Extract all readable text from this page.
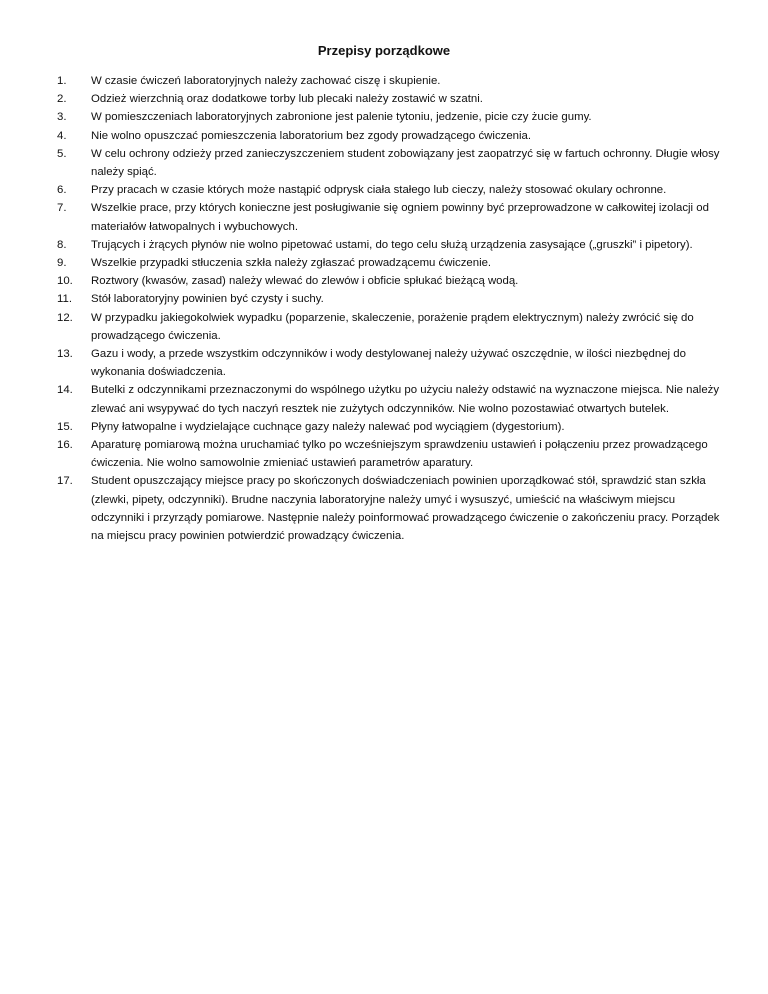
Przepisy porządkowe
1.	W czasie ćwiczeń laboratoryjnych należy zachować ciszę i skupienie.
2.	Odzież wierzchnią oraz dodatkowe torby lub plecaki należy zostawić w szatni.
3.	W pomieszczeniach laboratoryjnych zabronione jest palenie tytoniu, jedzenie, picie czy żucie gumy.
4.	Nie wolno opuszczać pomieszczenia laboratorium bez zgody prowadzącego ćwiczenia.
5.	W celu ochrony odzieży przed zanieczyszczeniem student zobowiązany jest zaopatrzyć się w fartuch ochronny. Długie włosy należy spiąć.
6.	Przy pracach w czasie których może nastąpić odprysk ciała stałego lub cieczy, należy stosować okulary ochronne.
7.	Wszelkie prace, przy których konieczne jest posługiwanie się ogniem powinny być przeprowadzone w całkowitej izolacji od materiałów łatwopalnych i wybuchowych.
8.	Trujących i żrących płynów nie wolno pipetować ustami, do tego celu służą urządzenia zasysające („gruszki” i pipetory).
9.	Wszelkie przypadki stłuczenia szkła należy zgłaszać prowadzącemu ćwiczenie.
10.	Roztwory (kwasów, zasad) należy wlewać do zlewów i obficie spłukać bieżącą wodą.
11.	Stół laboratoryjny powinien być czysty i suchy.
12.	W przypadku jakiegokolwiek wypadku (poparzenie, skaleczenie, porażenie prądem elektrycznym) należy zwrócić się do prowadzącego ćwiczenia.
13.	Gazu i wody, a przede wszystkim odczynników i wody destylowanej należy używać oszczędnie, w ilości niezbędnej do wykonania doświadczenia.
14.	Butelki z odczynnikami przeznaczonymi do wspólnego użytku po użyciu należy odstawić na wyznaczone miejsca. Nie należy zlewać ani wsypywać do tych naczyń resztek nie zużytych odczynników. Nie wolno pozostawiać otwartych butelek.
15.	Płyny łatwopalne i wydzielające cuchnące gazy należy nalewać pod wyciągiem (dygestorium).
16.	Aparaturę pomiarową można uruchamiać tylko po wcześniejszym sprawdzeniu ustawień i połączeniu przez prowadzącego ćwiczenia. Nie wolno samowolnie zmieniać ustawień parametrów aparatury.
17.	Student opuszczający miejsce pracy po skończonych doświadczeniach powinien uporządkować stół, sprawdzić stan szkła (zlewki, pipety, odczynniki). Brudne naczynia laboratoryjne należy umyć i wysuszyć, umieścić na właściwym miejscu odczynniki i przyrządy pomiarowe. Następnie należy poinformować prowadzącego ćwiczenie o zakończeniu pracy. Porządek na miejscu pracy powinien potwierdzić prowadzący ćwiczenia.
